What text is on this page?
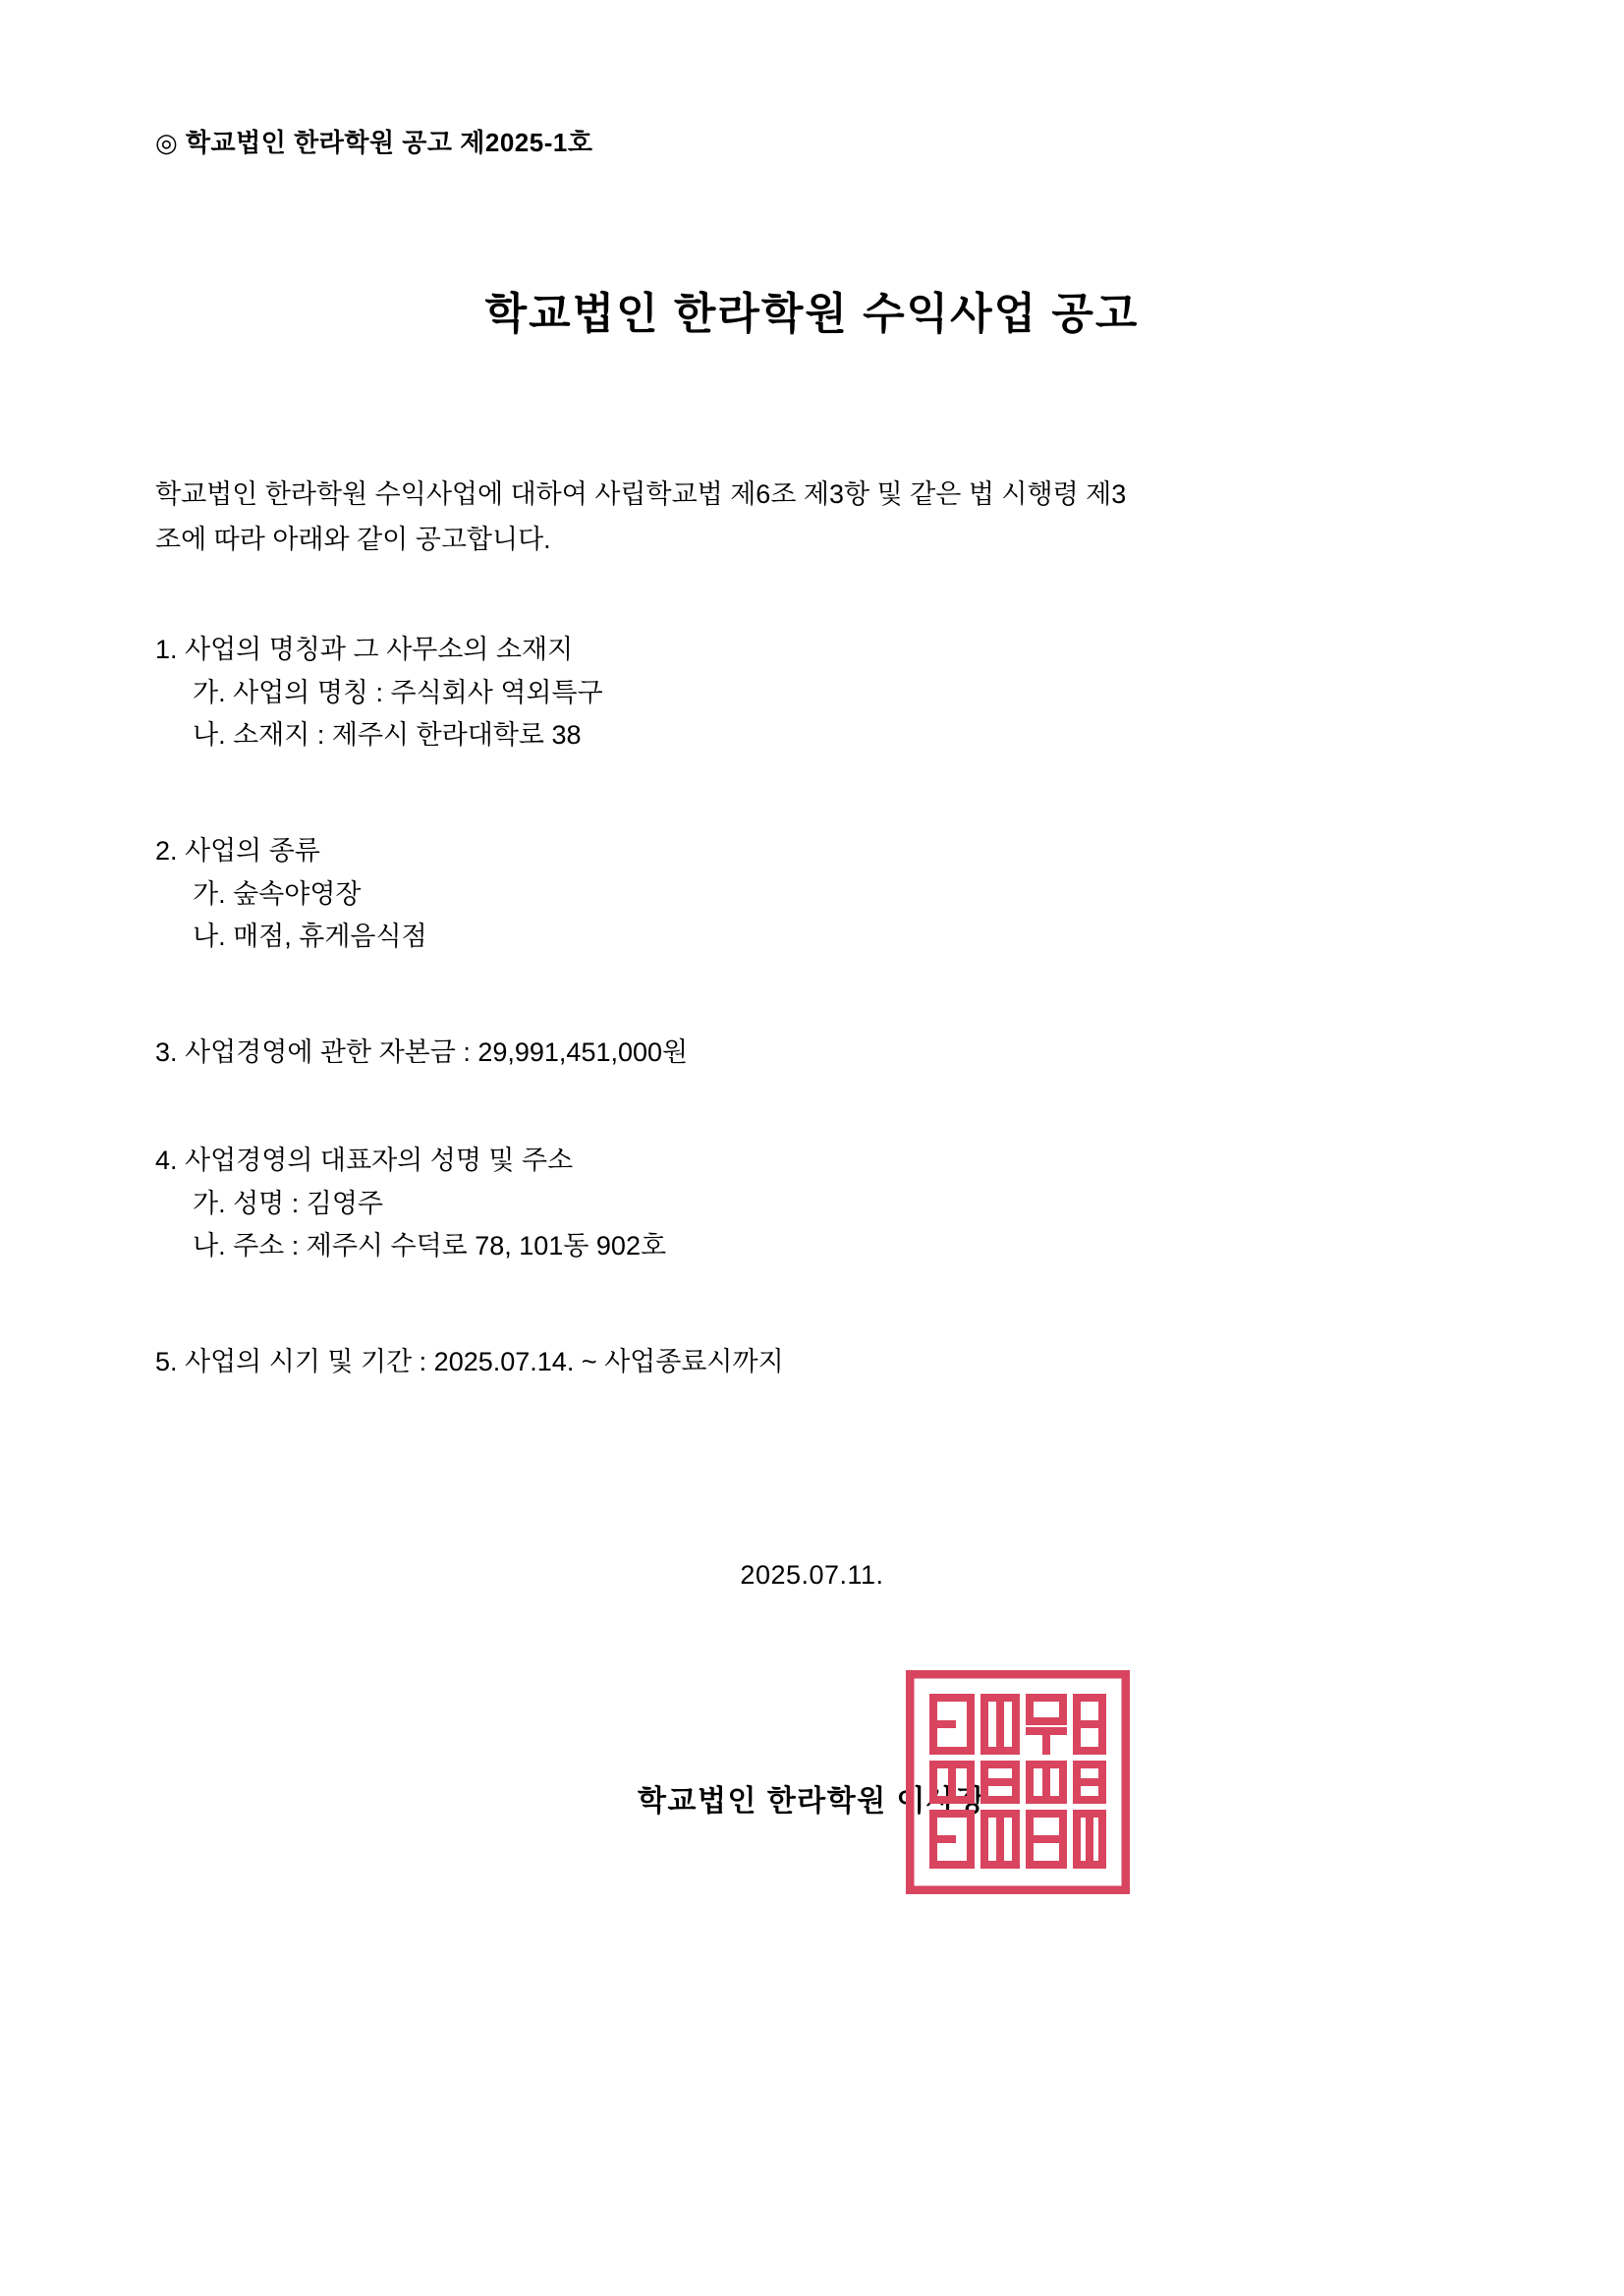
◎ 학교법인 한라학원 공고 제2025-1호
학교법인 한라학원 수익사업 공고
학교법인 한라학원 수익사업에 대하여 사립학교법 제6조 제3항 및 같은 법 시행령 제3
조에 따라 아래와 같이 공고합니다.
1. 사업의 명칭과 그 사무소의 소재지
가. 사업의 명칭 : 주식회사 역외특구
나. 소재지 : 제주시 한라대학로 38
2. 사업의 종류
가. 숲속야영장
나. 매점, 휴게음식점
3. 사업경영에 관한 자본금 : 29,991,451,000원
4. 사업경영의 대표자의 성명 및 주소
가. 성명 : 김영주
나. 주소 : 제주시 수덕로 78, 101동 902호
5. 사업의 시기 및 기간 : 2025.07.14. ~ 사업종료시까지
2025.07.11.
학교법인 한라학원 이사장
